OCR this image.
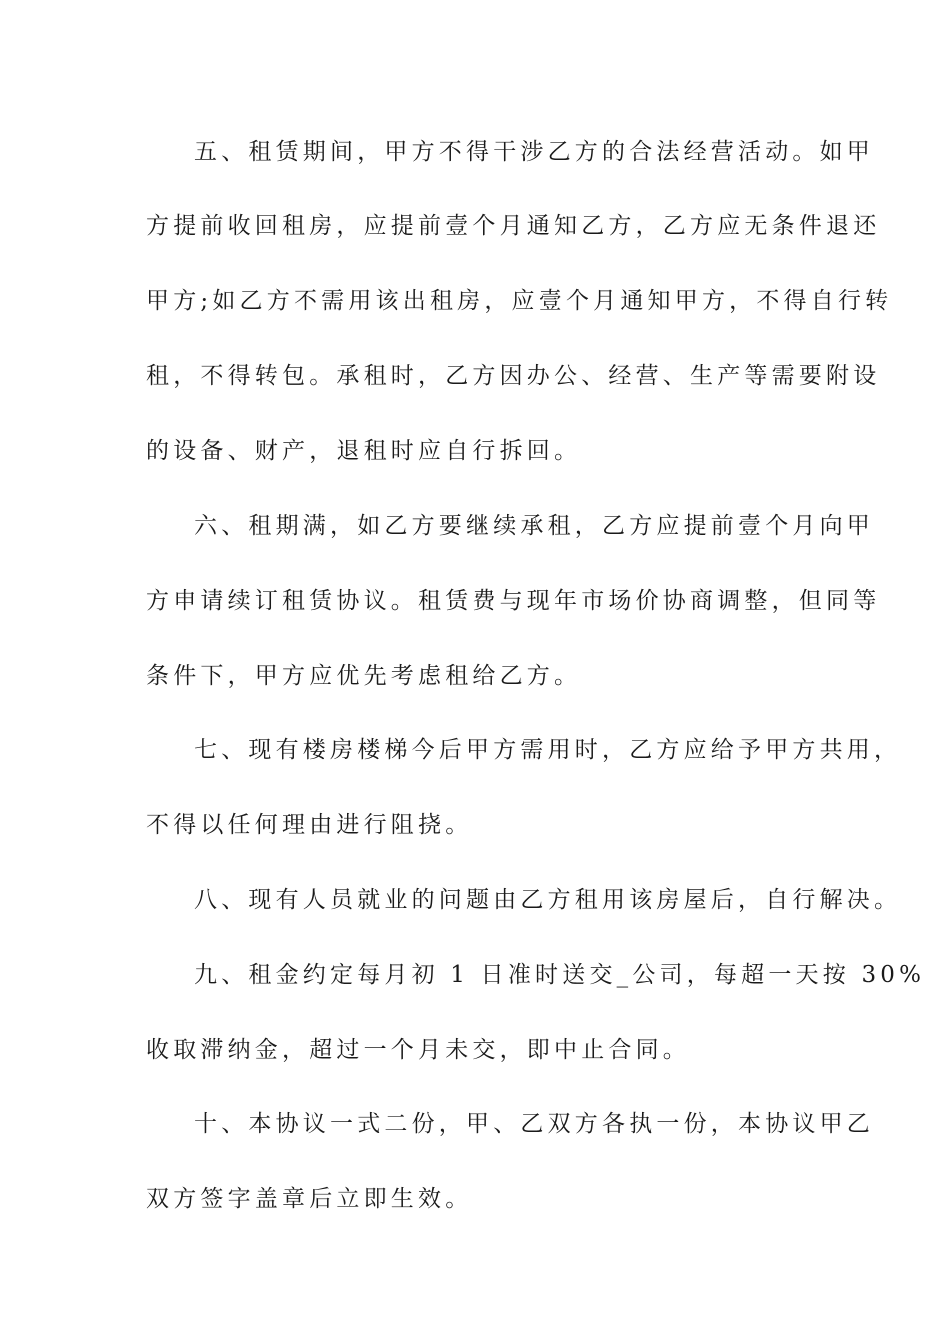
五、租赁期间，甲方不得干涉乙方的合法经营活动。如甲
方提前收回租房，应提前壹个月通知乙方，乙方应无条件退还
甲方;如乙方不需用该出租房，应壹个月通知甲方，不得自行转
租，不得转包。承租时，乙方因办公、经营、生产等需要附设
的设备、财产，退租时应自行拆回。
六、租期满，如乙方要继续承租，乙方应提前壹个月向甲
方申请续订租赁协议。租赁费与现年市场价协商调整，但同等
条件下，甲方应优先考虑租给乙方。
七、现有楼房楼梯今后甲方需用时，乙方应给予甲方共用，
不得以任何理由进行阻挠。
八、现有人员就业的问题由乙方租用该房屋后，自行解决。
九、租金约定每月初 1 日准时送交_公司，每超一天按 30%
收取滞纳金，超过一个月未交，即中止合同。
十、本协议一式二份，甲、乙双方各执一份，本协议甲乙
双方签字盖章后立即生效。
